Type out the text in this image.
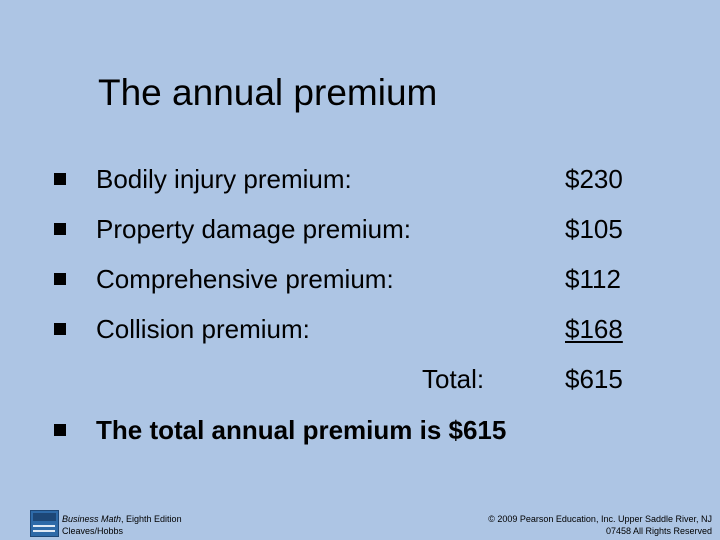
The annual premium
Bodily injury premium:	$230
Property damage premium:	$105
Comprehensive premium:	$112
Collision premium:	$168
Total:	$615
The total annual premium is $615
Business Math, Eighth Edition
Cleaves/Hobbs
© 2009 Pearson Education, Inc. Upper Saddle River, NJ
07458 All Rights Reserved
